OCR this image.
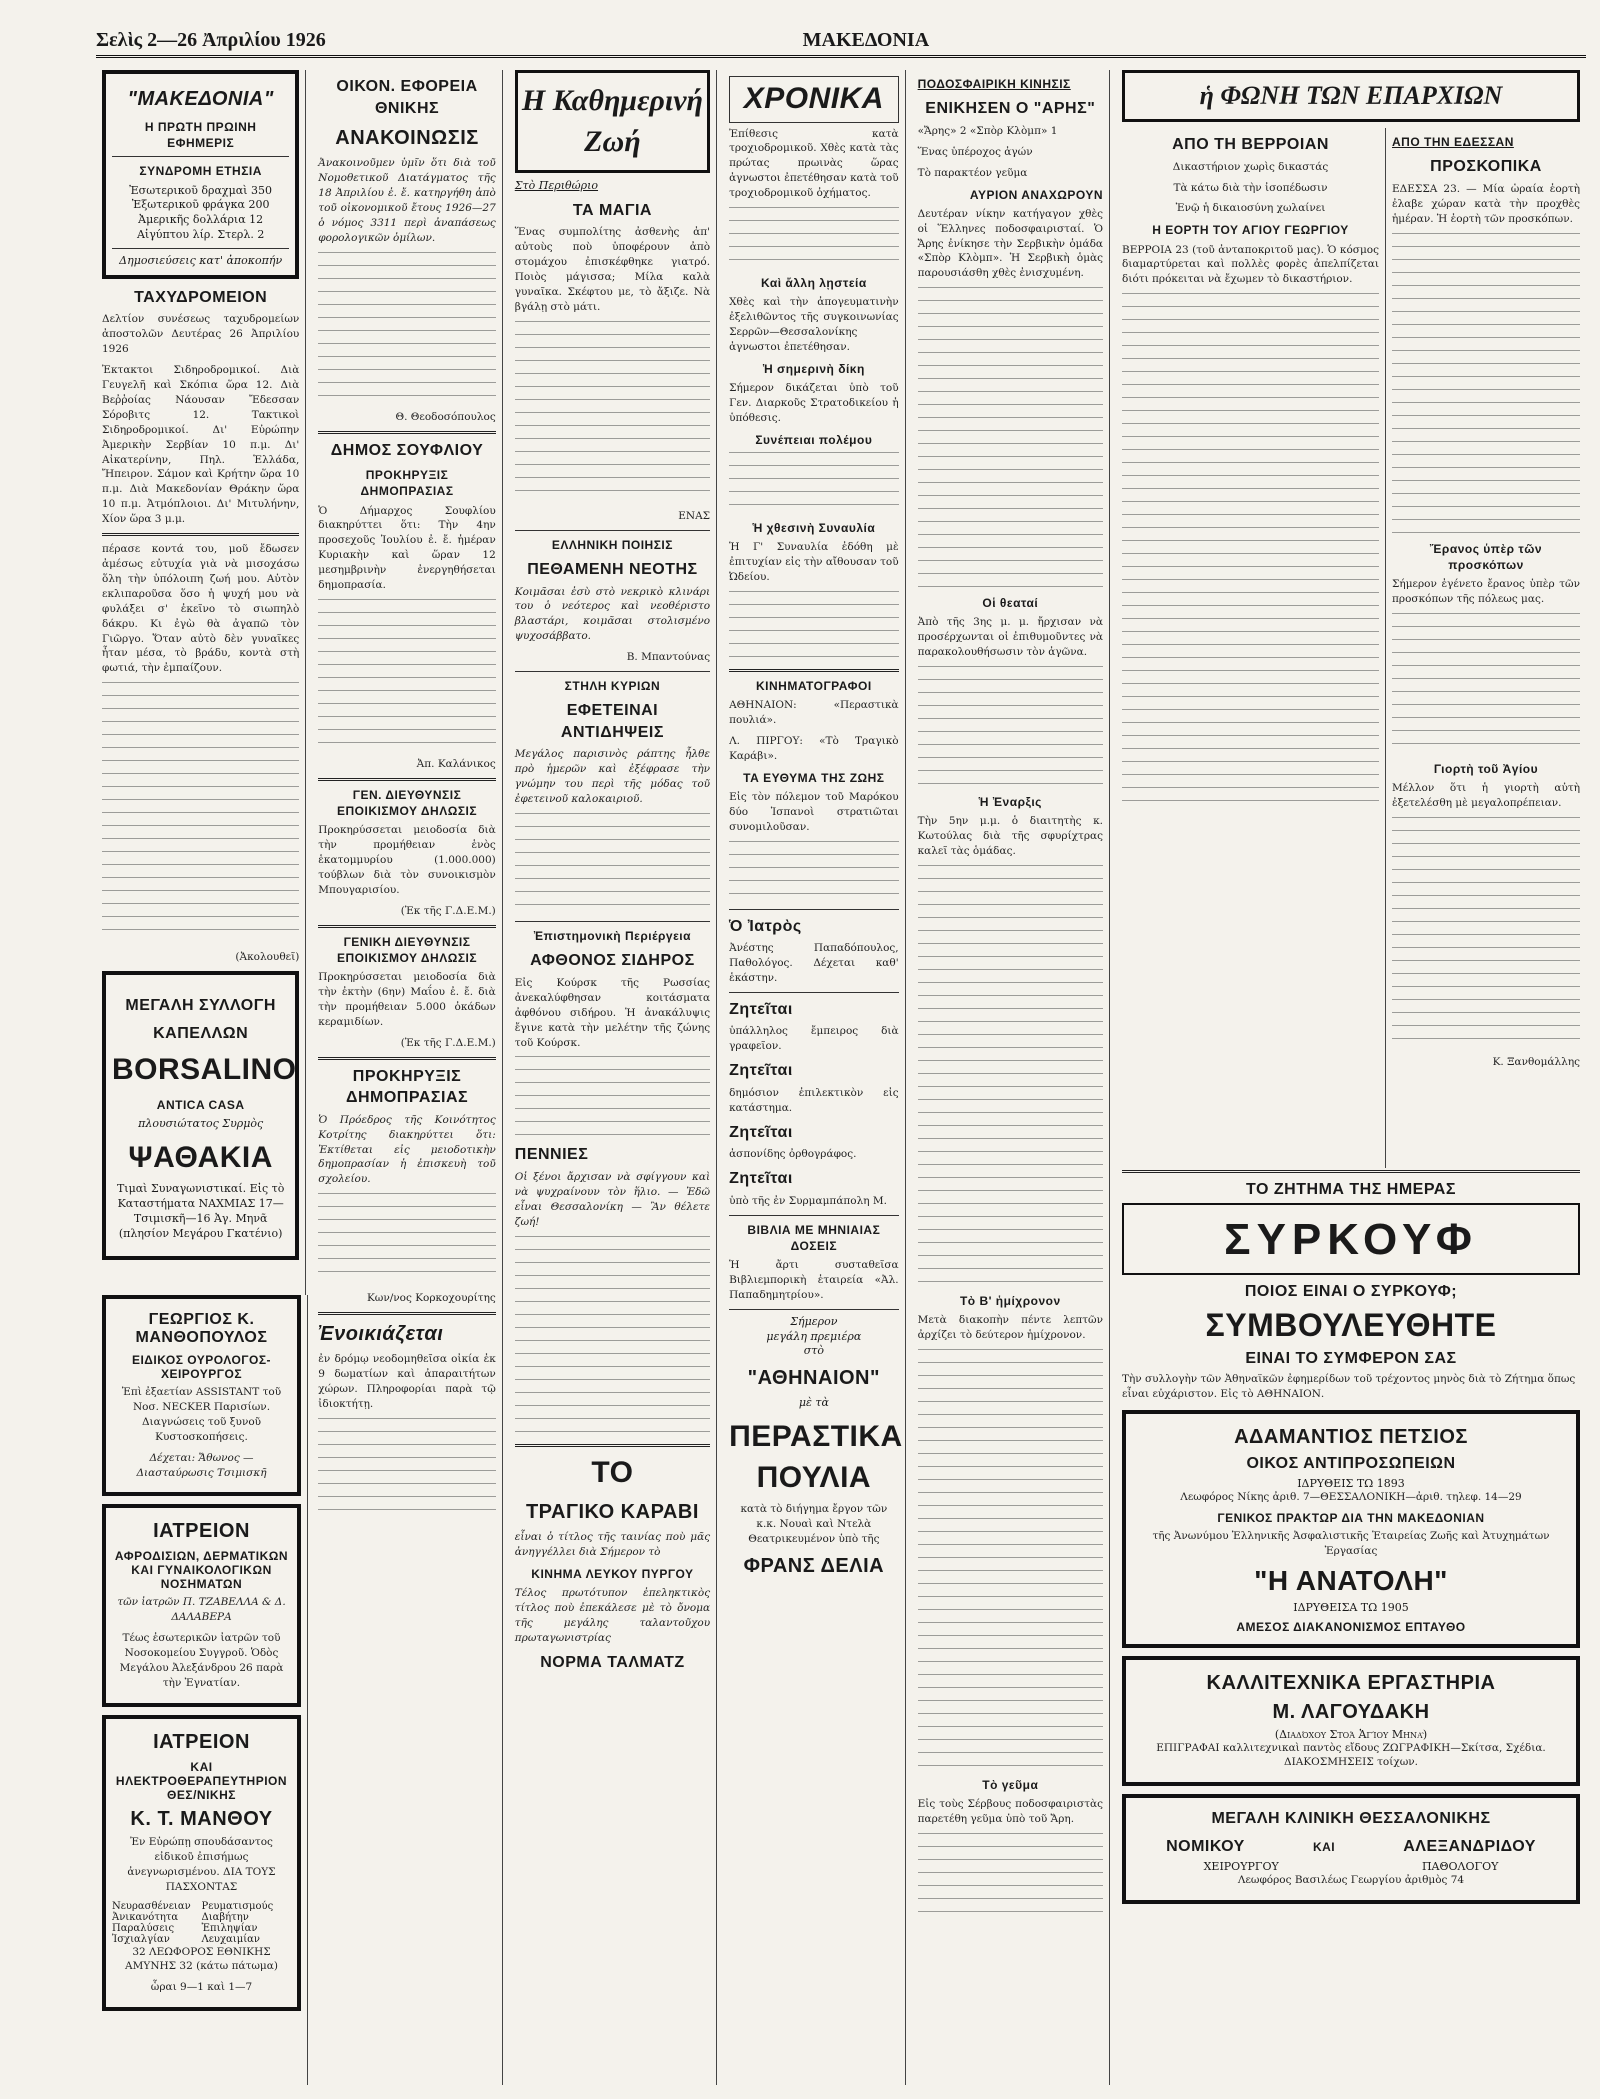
Σελὶς 2—26 Ἀπριλίου 1926	ΜΑΚΕΔΟΝΙΑ
"ΜΑΚΕΔΟΝΙΑ"
Η ΠΡΩΤΗ ΠΡΩΙΝΗ ΕΦΗΜΕΡΙΣ
ΣΥΝΔΡΟΜΗ ΕΤΗΣΙΑ
Ἐσωτερικοῦ δραχμαὶ 350
Ἐξωτερικοῦ φράγκα 200
Ἀμερικῆς δολλάρια 12
Αἰγύπτου λίρ. Στερλ. 2
Δημοσιεύσεις κατ' ἀποκοπήν
ΤΑΧΥΔΡΟΜΕΙΟΝ
Δελτίον συνέσεως ταχυδρομείων ἀποστολῶν Δευτέρας 26 Ἀπριλίου 1926
Ἐκτακτοι Σιδηροδρομικοί. Διὰ Γευγελῆ καὶ Σκόπια ὥρα 12. Διὰ Βεῤῥοίας Νάουσαν Ἔδεσσαν Σόροβιτς 12. Τακτικοὶ Σιδηροδρομικοί. Δι' Εὐρώπην Ἀμερικὴν Σερβίαν 10 π.μ. Δι' Αἰκατερίνην, Πηλ. Ἑλλάδα, Ἤπειρον. Σάμον καὶ Κρήτην ὥρα 10 π.μ. Διὰ Μακεδονίαν Θράκην ὥρα 10 π.μ. Ἀτμόπλοιοι. Δι' Μιτυλήνην, Χίον ὥρα 3 μ.μ.
πέρασε κοντά του, μοῦ ἔδωσεν ἀμέσως εὐτυχία γιὰ νὰ μισοχάσω ὅλη τὴν ὑπόλοιπη ζωή μου. Αὐτὸν εκλιπαροῦσα ὅσο ἡ ψυχή μου νὰ φυλάξει σ' ἐκεῖνο τὸ σιωπηλὸ δάκρυ. Κι ἐγὼ θὰ ἀγαπῶ τὸν Γιῶργο. Ὅταν αὐτὸ δὲν γυναῖκες ἦταν μέσα, τὸ βράδυ, κοντὰ στὴ φωτιά, τὴν ἐμπαίζουν.
(Ἀκολουθεῖ)
ΜΕΓΑΛΗ ΣΥΛΛΟΓΗ
ΚΑΠΕΛΛΩΝ
BORSALINO
ANTICA CASA
πλουσιώτατος Συρμὸς
ΨΑΘΑΚΙΑ
Τιμαὶ Συναγωνιστικαί. Εἰς τὸ Καταστήματα ΝΑΧΜΙΑΣ 17—Τσιμισκῆ—16 Ἀγ. Μηνᾶ (πλησίον Μεγάρου Γκατένιο)
ΟΙΚΟΝ. ΕΦΟΡΕΙΑ ΘΝΙΚΗΣ
ΑΝΑΚΟΙΝΩΣΙΣ
Ἀνακοινοῦμεν ὑμῖν ὅτι διὰ τοῦ Νομοθετικοῦ Διατάγματος τῆς 18 Ἀπριλίου ἐ. ἔ. κατηργήθη ἀπὸ τοῦ οἰκονομικοῦ ἔτους 1926—27 ὁ νόμος 3311 περὶ ἀναπάσεως φορολογικῶν ὁμίλων.
Θ. Θεοδοσόπουλος
ΔΗΜΟΣ ΣΟΥΦΛΙΟΥ
ΠΡΟΚΗΡΥΞΙΣ ΔΗΜΟΠΡΑΣΙΑΣ
Ὁ Δήμαρχος Σουφλίου διακηρύττει ὅτι: Τὴν 4ην προσεχοῦς Ἰουλίου ἐ. ἔ. ἡμέραν Κυριακὴν καὶ ὥραν 12 μεσημβρινὴν ἐνεργηθήσεται δημοπρασία.
Ἀπ. Καλάνικος
ΓΕΝ. ΔΙΕΥΘΥΝΣΙΣ ΕΠΟΙΚΙΣΜΟΥ ΔΗΛΩΣΙΣ
Προκηρύσσεται μειοδοσία διὰ τὴν προμήθειαν ἑνὸς ἑκατομμυρίου (1.000.000) τούβλων διὰ τὸν συνοικισμὸν Μπουγαρισίου.
(Ἐκ τῆς Γ.Δ.Ε.Μ.)
ΓΕΝΙΚΗ ΔΙΕΥΘΥΝΣΙΣ ΕΠΟΙΚΙΣΜΟΥ ΔΗΛΩΣΙΣ
Προκηρύσσεται μειοδοσία διὰ τὴν ἐκτὴν (6ην) Μαΐου ἐ. ἔ. διὰ τὴν προμήθειαν 5.000 ὀκάδων κεραμιδίων.
(Ἐκ τῆς Γ.Δ.Ε.Μ.)
ΠΡΟΚΗΡΥΞΙΣ ΔΗΜΟΠΡΑΣΙΑΣ
Ὁ Πρόεδρος τῆς Κοινότητος Κοτρίτης διακηρύττει ὅτι: Ἐκτίθεται εἰς μειοδοτικὴν δημοπρασίαν ἡ ἐπισκευὴ τοῦ σχολείου.
Κων/νος Κορκοχουρίτης
Ἐνοικιάζεται
ἐν δρόμῳ νεοδομηθεῖσα οἰκία ἐκ 9 δωματίων καὶ ἀπαραιτήτων χώρων. Πληροφορίαι παρὰ τῷ ἰδιοκτήτῃ.
Η Καθημερινή Ζωή
Στὸ Περιθώριο
ΤΑ ΜΑΓΙΑ
Ἕνας συμπολίτης ἀσθενὴς ἀπ' αὐτοὺς ποὺ ὑποφέρουν ἀπὸ στομάχου ἐπισκέφθηκε γιατρό. Ποιὸς μάγισσα; Μίλα καλὰ γυναῖκα. Σκέφτου με, τὸ ἄξιζε. Νὰ βγάλῃ στὸ μάτι.
ΕΝΑΣ
ΕΛΛΗΝΙΚΗ ΠΟΙΗΣΙΣ
ΠΕΘΑΜΕΝΗ ΝΕΟΤΗΣ
Κοιμᾶσαι ἐσὺ στὸ νεκρικὸ κλινάρι του ὁ νεότερος καὶ νεοθέριστο βλαστάρι, κοιμᾶσαι στολισμένο ψυχοσάββατο.
Β. Μπαντούνας
ΣΤΗΛΗ ΚΥΡΙΩΝ
ΕΦΕΤΕΙΝΑΙ ΑΝΤΙΔΗΨΕΙΣ
Μεγάλος παρισινὸς ράπτης ἦλθε πρὸ ἡμερῶν καὶ ἐξέφρασε τὴν γνώμην του περὶ τῆς μόδας τοῦ ἐφετεινοῦ καλοκαιριοῦ.
Ἐπιστημονικὴ Περιέργεια
ΑΦΘΟΝΟΣ ΣΙΔΗΡΟΣ
Εἰς Κούρσκ τῆς Ρωσσίας ἀνεκαλύφθησαν κοιτάσματα ἀφθόνου σιδήρου. Ἡ ἀνακάλυψις ἔγινε κατὰ τὴν μελέτην τῆς ζώνης τοῦ Κούρσκ.
ΠΕΝΝΙΕΣ
Οἱ ξένοι ἄρχισαν νὰ σφίγγουν καὶ νὰ ψυχραίνουν τὸν ἥλιο. — Ἐδῶ εἶναι Θεσσαλονίκη — Ἂν θέλετε ζωή!
ΤΟ
ΤΡΑΓΙΚΟ ΚΑΡΑΒΙ
εἶναι ὁ τίτλος τῆς ταινίας ποὺ μᾶς ἀνηγγέλλει διὰ Σήμερον τὸ
ΚΙΝΗΜΑ ΛΕΥΚΟΥ ΠΥΡΓΟΥ
Τέλος πρωτότυπον ἐπεληκτικὸς τίτλος ποὺ ἐπεκάλεσε μὲ τὸ ὄνομα τῆς μεγάλης ταλαντοῦχου πρωταγωνιστρίας
ΝΟΡΜΑ ΤΑΛΜΑΤΖ
ΧΡΟΝΙΚΑ
Ἐπίθεσις κατὰ τροχιοδρομικοῦ. Χθὲς κατὰ τὰς πρώτας πρωινὰς ὥρας ἀγνωστοι ἐπετέθησαν κατὰ τοῦ τροχιοδρομικοῦ ὀχήματος.
Καὶ ἄλλη λῃστεία
Χθὲς καὶ τὴν ἀπογευματινὴν ἐξελιθῶντος τῆς συγκοινωνίας Σερρῶν—Θεσσαλονίκης ἀγνωστοι ἐπετέθησαν.
Ἡ σημερινὴ δίκη
Σήμερον δικάζεται ὑπὸ τοῦ Γεν. Διαρκοῦς Στρατοδικείου ἡ ὑπόθεσις.
Συνέπειαι πολέμου
Ἡ χθεσινὴ Συναυλία
Ἡ Γ' Συναυλία ἐδόθη μὲ ἐπιτυχίαν εἰς τὴν αἴθουσαν τοῦ Ὠδείου.
ΚΙΝΗΜΑΤΟΓΡΑΦΟΙ
ΑΘΗΝΑΙΟΝ: «Περαστικὰ πουλιά».
Λ. ΠΙΡΓΟΥ: «Τὸ Τραγικὸ Καράβι».
ΤΑ ΕΥΘΥΜΑ ΤΗΣ ΖΩΗΣ
Εἰς τὸν πόλεμον τοῦ Μαρόκου δύο Ἰσπανοὶ στρατιῶται συνομιλοῦσαν.
Ὁ Ἰατρὸς
Ἀνέστης Παπαδόπουλος, Παθολόγος. Δέχεται καθ' ἑκάστην.
Ζητεῖται
ὑπάλληλος ἔμπειρος διὰ γραφεῖον.
Ζητεῖται
δημόσιον ἐπιλεκτικὸν εἰς κατάστημα.
Ζητεῖται
ἀσπονίδης ὀρθογράφος.
Ζητεῖται
ὑπὸ τῆς ἐν Συρμαμπάπολη Μ.
ΒΙΒΛΙΑ ΜΕ ΜΗΝΙΑΙΑΣ ΔΟΣΕΙΣ
Ἡ ἄρτι συσταθεῖσα Βιβλιεμπορικὴ ἑταιρεία «Ἀλ. Παπαδημητρίου».
Σήμερον
μεγάλη πρεμιέρα
στὸ
"ΑΘΗΝΑΙΟΝ"
μὲ τὰ
ΠΕΡΑΣΤΙΚΑ ΠΟΥΛΙΑ
κατὰ τὸ διήγημα ἔργον τῶν κ.κ. Νουαὶ καὶ Ντελὰ Θεατρικευμένον ὑπὸ τῆς
ΦΡΑΝΣ ΔΕΛΙΑ
ΠΟΔΟΣΦΑΙΡΙΚΗ ΚΙΝΗΣΙΣ
ΕΝΙΚΗΣΕΝ Ο "ΑΡΗΣ"
«Ἄρης» 2 «Σπὸρ Κλὸμπ» 1
Ἕνας ὑπέροχος ἀγών
Τὸ παρακτέον γεῦμα
ΑΥΡΙΟΝ ΑΝΑΧΩΡΟΥΝ
Δευτέραν νίκην κατήγαγον χθὲς οἱ Ἕλληνες ποδοσφαιρισταί. Ὁ Ἄρης ἐνίκησε τὴν Σερβικὴν ὁμάδα «Σπὸρ Κλὸμπ». Ἡ Σερβικὴ ὁμὰς παρουσιάσθη χθὲς ἐνισχυμένη.
Οἱ θεαταί
Ἀπὸ τῆς 3ης μ. μ. ἤρχισαν νὰ προσέρχωνται οἱ ἐπιθυμοῦντες νὰ παρακολουθήσωσιν τὸν ἀγῶνα.
Ἡ Ἐναρξις
Τὴν 5ην μ.μ. ὁ διαιτητὴς κ. Κωτούλας διὰ τῆς σφυρίχτρας καλεῖ τὰς ὁμάδας.
Τὸ Β' ἡμίχρονον
Μετὰ διακοπὴν πέντε λεπτῶν ἀρχίζει τὸ δεύτερον ἡμίχρονον.
Τὸ γεῦμα
Εἰς τοὺς Σέρβους ποδοσφαιριστὰς παρετέθη γεῦμα ὑπὸ τοῦ Ἄρη.
ἡ ΦΩΝΗ ΤΩΝ ΕΠΑΡΧΙΩΝ
ΑΠΟ ΤΗ ΒΕΡΡΟΙΑΝ
Δικαστήριον χωρὶς δικαστάς
Τὰ κάτω διὰ τὴν ἰσοπέδωσιν
Ἐνῷ ἡ δικαιοσύνη χωλαίνει
Η ΕΟΡΤΗ ΤΟΥ ΑΓΙΟΥ ΓΕΩΡΓΙΟΥ
ΒΕΡΡΟΙΑ 23 (τοῦ ἀνταποκριτοῦ μας). Ὁ κόσμος διαμαρτύρεται καὶ πολλὲς φορὲς ἀπελπίζεται διότι πρόκειται νὰ ἔχωμεν τὸ δικαστήριον.
ΑΠΟ ΤΗΝ ΕΔΕΣΣΑΝ
ΠΡΟΣΚΟΠΙΚΑ
ΕΔΕΣΣΑ 23. — Μία ὡραία ἑορτὴ ἐλαβε χώραν κατὰ τὴν προχθὲς ἡμέραν. Ἡ ἐορτὴ τῶν προσκόπων.
Ἔρανος ὑπὲρ τῶν προσκόπων
Σήμερον ἐγένετο ἔρανος ὑπὲρ τῶν προσκόπων τῆς πόλεως μας.
Γιορτὴ τοῦ Ἀγίου
Μέλλον ὅτι ἡ γιορτὴ αὐτὴ ἐξετελέσθη μὲ μεγαλοπρέπειαν.
Κ. Ξανθομάλλης
ΤΟ ΖΗΤΗΜΑ ΤΗΣ ΗΜΕΡΑΣ
ΣΥΡΚΟΥΦ
ΠΟΙΟΣ ΕΙΝΑΙ Ο ΣΥΡΚΟΥΦ;
ΣΥΜΒΟΥΛΕΥΘΗΤΕ
ΕΙΝΑΙ ΤΟ ΣΥΜΦΕΡΟΝ ΣΑΣ
Τὴν συλλογὴν τῶν Ἀθηναϊκῶν ἐφημερίδων τοῦ τρέχοντος μηνὸς διὰ τὸ Ζήτημα ὅπως εἶναι εὐχάριστον. Εἰς τὸ ΑΘΗΝΑΙΟΝ.
ΑΔΑΜΑΝΤΙΟΣ ΠΕΤΣΙΟΣ
ΟΙΚΟΣ ΑΝΤΙΠΡΟΣΩΠΕΙΩΝ
ΙΔΡΥΘΕΙΣ ΤΩ 1893
Λεωφόρος Νίκης ἀριθ. 7—ΘΕΣΣΑΛΟΝΙΚΗ—ἀριθ. τηλεφ. 14—29
ΓΕΝΙΚΟΣ ΠΡΑΚΤΩΡ ΔΙΑ ΤΗΝ ΜΑΚΕΔΟΝΙΑΝ
τῆς Ἀνωνύμου Ἑλληνικῆς Ἀσφαλιστικῆς Ἑταιρείας Ζωῆς καὶ Ἀτυχημάτων Ἐργασίας
"Η ΑΝΑΤΟΛΗ"
ΙΔΡΥΘΕΙΣΑ ΤΩ 1905
ΑΜΕΣΟΣ ΔΙΑΚΑΝΟΝΙΣΜΟΣ ΕΠΤΑΥΘΟ
ΚΑΛΛΙΤΕΧΝΙΚΑ ΕΡΓΑΣΤΗΡΙΑ
Μ. ΛΑΓΟΥΔΑΚΗ
(Διαδόχου Στοά Ἁγίου Μηνᾶ)
ΕΠΙΓΡΑΦΑΙ καλλιτεχνικαὶ παντὸς εἴδους ΖΩΓΡΑΦΙΚΗ—Σκίτσα, Σχέδια. ΔΙΑΚΟΣΜΗΣΕΙΣ τοίχων.
ΜΕΓΑΛΗ ΚΛΙΝΙΚΗ ΘΕΣΣΑΛΟΝΙΚΗΣ
ΝΟΜΙΚΟΥ	ΚΑΙ	ΑΛΕΞΑΝΔΡΙΔΟΥ
ΧΕΙΡΟΥΡΓΟΥ	ΠΑΘΟΛΟΓΟΥ
Λεωφόρος Βασιλέως Γεωργίου ἀριθμὸς 74
ΓΕΩΡΓΙΟΣ Κ. ΜΑΝΘΟΠΟΥΛΟΣ
ΕΙΔΙΚΟΣ ΟΥΡΟΛΟΓΟΣ-ΧΕΙΡΟΥΡΓΟΣ
Ἐπὶ ἐξαετίαν ASSISTANT τοῦ Νοσ. NECKER Παρισίων. Διαγνώσεις τοῦ ξυνοῦ Κυστοσκοπήσεις.
Δέχεται: Ἄθωνος — Διασταύρωσις Τσιμισκῆ
ΙΑΤΡΕΙΟΝ
ΑΦΡΟΔΙΣΙΩΝ, ΔΕΡΜΑΤΙΚΩΝ ΚΑΙ ΓΥΝΑΙΚΟΛΟΓΙΚΩΝ ΝΟΣΗΜΑΤΩΝ
τῶν ἰατρῶν Π. ΤΖΑΒΕΛΛΑ & Δ. ΔΑΛΑΒΕΡΑ
Τέως ἐσωτερικῶν ἰατρῶν τοῦ Νοσοκομείου Συγγροῦ. Ὁδὸς Μεγάλου Ἀλεξάνδρου 26 παρὰ τὴν Ἐγνατίαν.
ΙΑΤΡΕΙΟΝ
ΚΑΙ ΗΛΕΚΤΡΟΘΕΡΑΠΕΥΤΗΡΙΟΝ ΘΕΣ/ΝΙΚΗΣ
Κ. Τ. ΜΑΝΘΟΥ
Ἐν Εὐρώπῃ σπουδάσαντος εἰδικοῦ ἐπισήμως ἀνεγνωρισμένου. ΔΙΑ ΤΟΥΣ ΠΑΣΧΟΝΤΑΣ
Νευρασθένειαν	Ρευματισμούς
Ἀνικανότητα	Διαβήτην
Παραλύσεις	Ἐπιληψίαν
Ἰσχιαλγίαν	Λευχαιμίαν
32 ΛΕΩΦΟΡΟΣ ΕΘΝΙΚΗΣ ΑΜΥΝΗΣ 32 (κάτω πάτωμα)
ὧραι 9—1 καὶ 1—7
